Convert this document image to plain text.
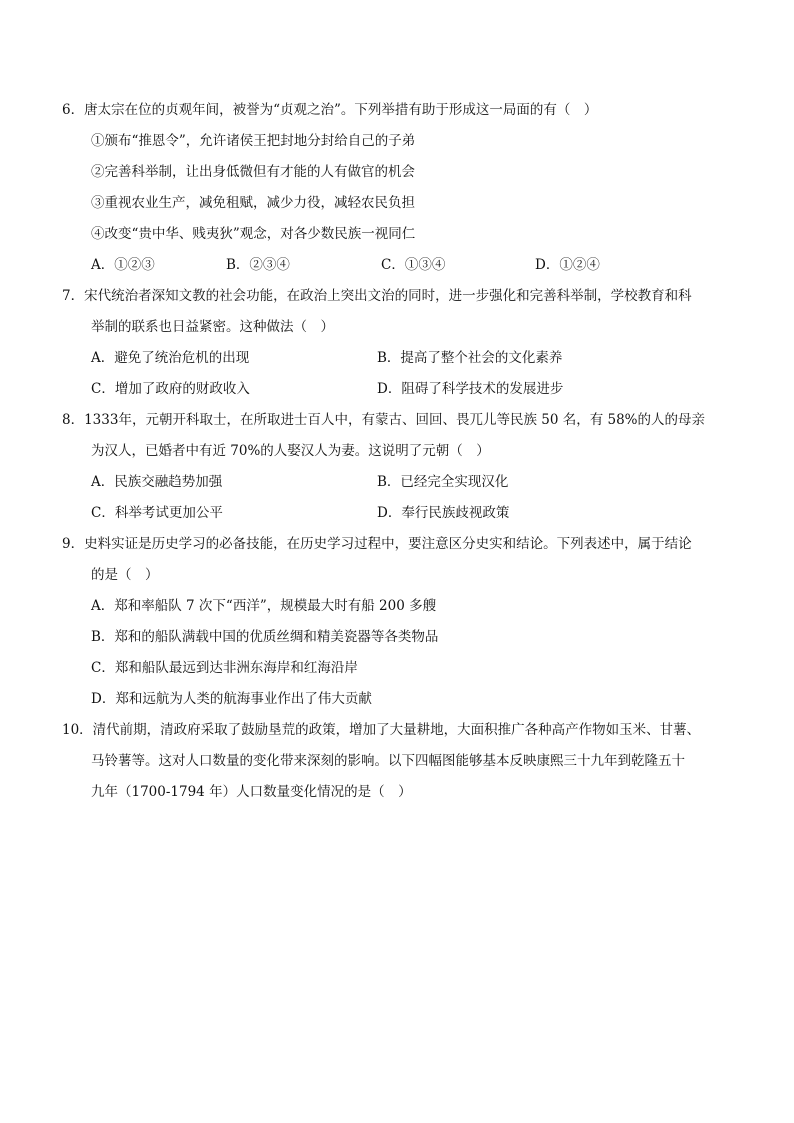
6．唐太宗在位的贞观年间，被誉为“贞观之治”。下列举措有助于形成这一局面的有（　）
①颁布“推恩令”，允许诸侯王把封地分封给自己的子弟
②完善科举制，让出身低微但有才能的人有做官的机会
③重视农业生产，减免租赋，减少力役，减轻农民负担
④改变“贵中华、贱夷狄”观念，对各少数民族一视同仁
A．①②③	B．②③④	C．①③④	D．①②④
7．宋代统治者深知文教的社会功能，在政治上突出文治的同时，进一步强化和完善科举制，学校教育和科
举制的联系也日益紧密。这种做法（　）
A．避免了统治危机的出现	B．提高了整个社会的文化素养
C．增加了政府的财政收入	D．阻碍了科学技术的发展进步
8．1333年，元朝开科取士，在所取进士百人中，有蒙古、回回、畏兀儿等民族 50 名，有 58%的人的母亲
为汉人，已婚者中有近 70%的人娶汉人为妻。这说明了元朝（　）
A．民族交融趋势加强	B．已经完全实现汉化
C．科举考试更加公平	D．奉行民族歧视政策
9．史料实证是历史学习的必备技能，在历史学习过程中，要注意区分史实和结论。下列表述中，属于结论
的是（　）
A．郑和率船队 7 次下“西洋”，规模最大时有船 200 多艘
B．郑和的船队满载中国的优质丝绸和精美瓷器等各类物品
C．郑和船队最远到达非洲东海岸和红海沿岸
D．郑和远航为人类的航海事业作出了伟大贡献
10．清代前期，清政府采取了鼓励垦荒的政策，增加了大量耕地，大面积推广各种高产作物如玉米、甘薯、
马铃薯等。这对人口数量的变化带来深刻的影响。以下四幅图能够基本反映康熙三十九年到乾隆五十
九年（1700-1794 年）人口数量变化情况的是（　）
